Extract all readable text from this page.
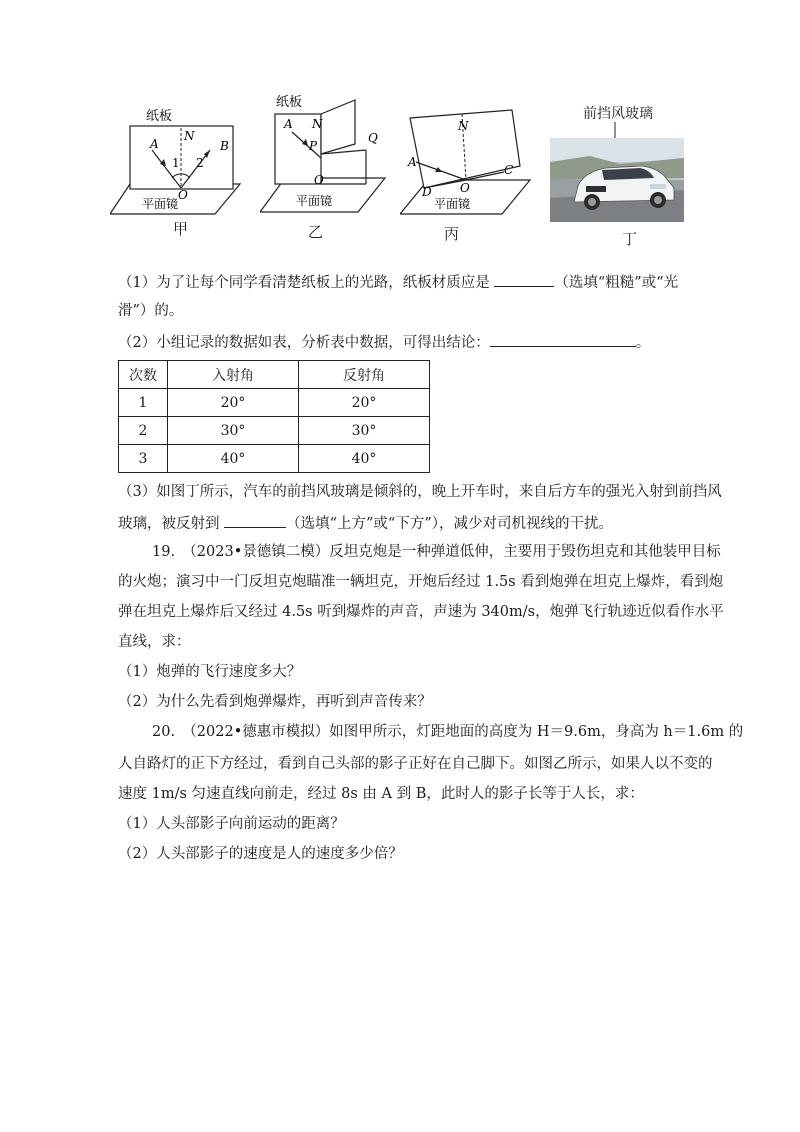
纸板
N
A	B
1 2
O
平面镜
甲
纸板
N
A
P
Q
O
平面镜
乙
N
A
C
D O
平面镜
丙
前挡风玻璃
丁
（1）为了让每个同学看清楚纸板上的光路，纸板材质应是	（选填“粗糙”或“光
滑”）的。
（2）小组记录的数据如表，分析表中数据，可得出结论：	。
次数	入射角	反射角
1	20°	20°
2	30°	30°
3	40°	40°
（3）如图丁所示，汽车的前挡风玻璃是倾斜的，晚上开车时，来自后方车的强光入射到前挡风
玻璃，被反射到	（选填“上方”或“下方”），减少对司机视线的干扰。
19.　（2023•景德镇二模）反坦克炮是一种弹道低伸，主要用于毁伤坦克和其他装甲目标
的火炮；演习中一门反坦克炮瞄准一辆坦克，开炮后经过 1.5s 看到炮弹在坦克上爆炸，看到炮
弹在坦克上爆炸后又经过 4.5s 听到爆炸的声音，声速为 340m/s，炮弹飞行轨迹近似看作水平
直线，求：
（1）炮弹的飞行速度多大？
（2）为什么先看到炮弹爆炸，再听到声音传来？
20.　（2022•德惠市模拟）如图甲所示，灯距地面的高度为 H＝9.6m，身高为 h＝1.6m 的
人自路灯的正下方经过，看到自己头部的影子正好在自己脚下。如图乙所示，如果人以不变的
速度 1m/s 匀速直线向前走，经过 8s 由 A 到 B，此时人的影子长等于人长，求：
（1）人头部影子向前运动的距离？
（2）人头部影子的速度是人的速度多少倍？
